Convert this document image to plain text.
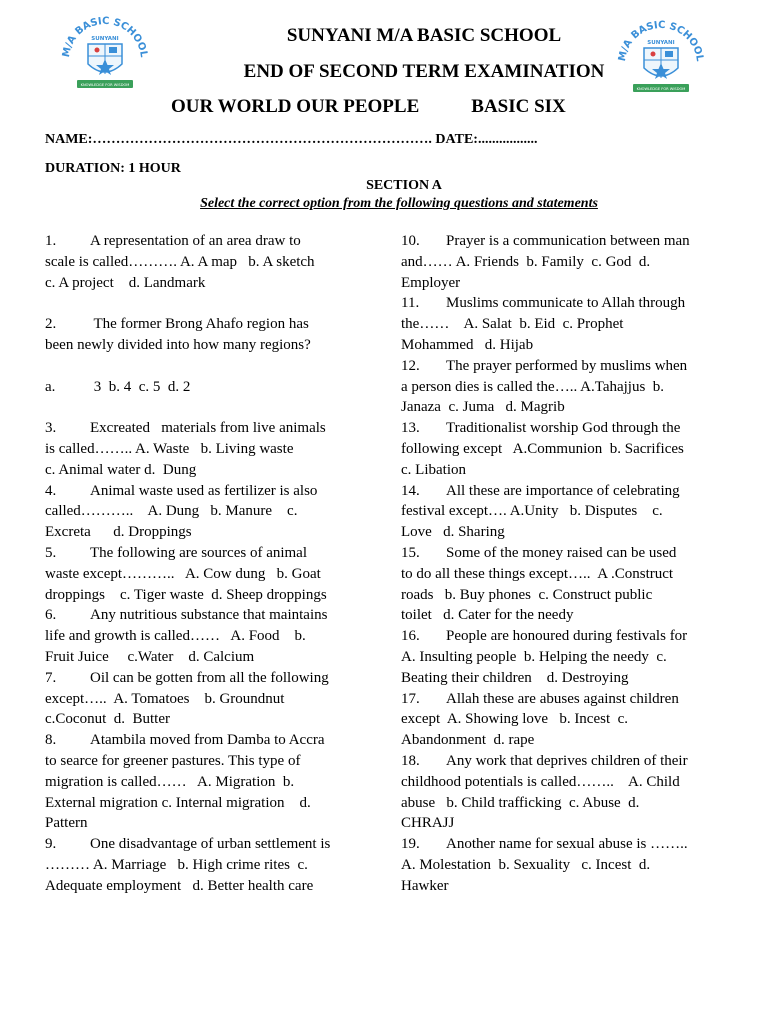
M/A BASIC SCHOOL
SUNYANI
KNOWLEDGE FOR WISDOM
M/A BASIC SCHOOL
SUNYANI
KNOWLEDGE FOR WISDOM
SUNYANI M/A BASIC SCHOOL
END OF SECOND TERM EXAMINATION
OUR WORLD OUR PEOPLE	BASIC SIX
NAME:………………………………………………………………. DATE:.................
DURATION: 1 HOUR
SECTION A
Select the correct option from the following questions and statements
1. A representation of an area draw to
scale is called………. A. A map   b. A sketch
c. A project    d. Landmark
2. The former Brong Ahafo region has
been newly divided into how many regions?
a. 3  b. 4  c. 5  d. 2
3. Excreated   materials from live animals
is called…….. A. Waste   b. Living waste
c. Animal water d.  Dung
4. Animal waste used as fertilizer is also
called………..    A. Dung   b. Manure    c.
Excreta      d. Droppings
5. The following are sources of animal
waste except………..   A. Cow dung   b. Goat
droppings    c. Tiger waste  d. Sheep droppings
6. Any nutritious substance that maintains
life and growth is called……   A. Food    b.
Fruit Juice     c.Water    d. Calcium
7. Oil can be gotten from all the following
except…..  A. Tomatoes    b. Groundnut
c.Coconut  d.  Butter
8. Atambila moved from Damba to Accra
to searce for greener pastures. This type of
migration is called……   A. Migration  b.
External migration c. Internal migration    d.
Pattern
9. One disadvantage of urban settlement is
……… A. Marriage   b. High crime rites  c.
Adequate employment   d. Better health care
10. Prayer is a communication between man
and…… A. Friends  b. Family  c. God  d.
Employer
11. Muslims communicate to Allah through
the……    A. Salat  b. Eid  c. Prophet
Mohammed   d. Hijab
12. The prayer performed by muslims when
a person dies is called the….. A.Tahajjus  b.
Janaza  c. Juma   d. Magrib
13. Traditionalist worship God through the
following except   A.Communion  b. Sacrifices
c. Libation
14. All these are importance of celebrating
festival except…. A.Unity   b. Disputes    c.
Love   d. Sharing
15. Some of the money raised can be used
to do all these things except…..  A .Construct
roads   b. Buy phones  c. Construct public
toilet   d. Cater for the needy
16. People are honoured during festivals for
A. Insulting people  b. Helping the needy  c.
Beating their children    d. Destroying
17. Allah these are abuses against children
except  A. Showing love   b. Incest  c.
Abandonment  d. rape
18. Any work that deprives children of their
childhood potentials is called……..    A. Child
abuse   b. Child trafficking  c. Abuse  d.
CHRAJJ
19. Another name for sexual abuse is ……..
A. Molestation  b. Sexuality   c. Incest  d.
Hawker
